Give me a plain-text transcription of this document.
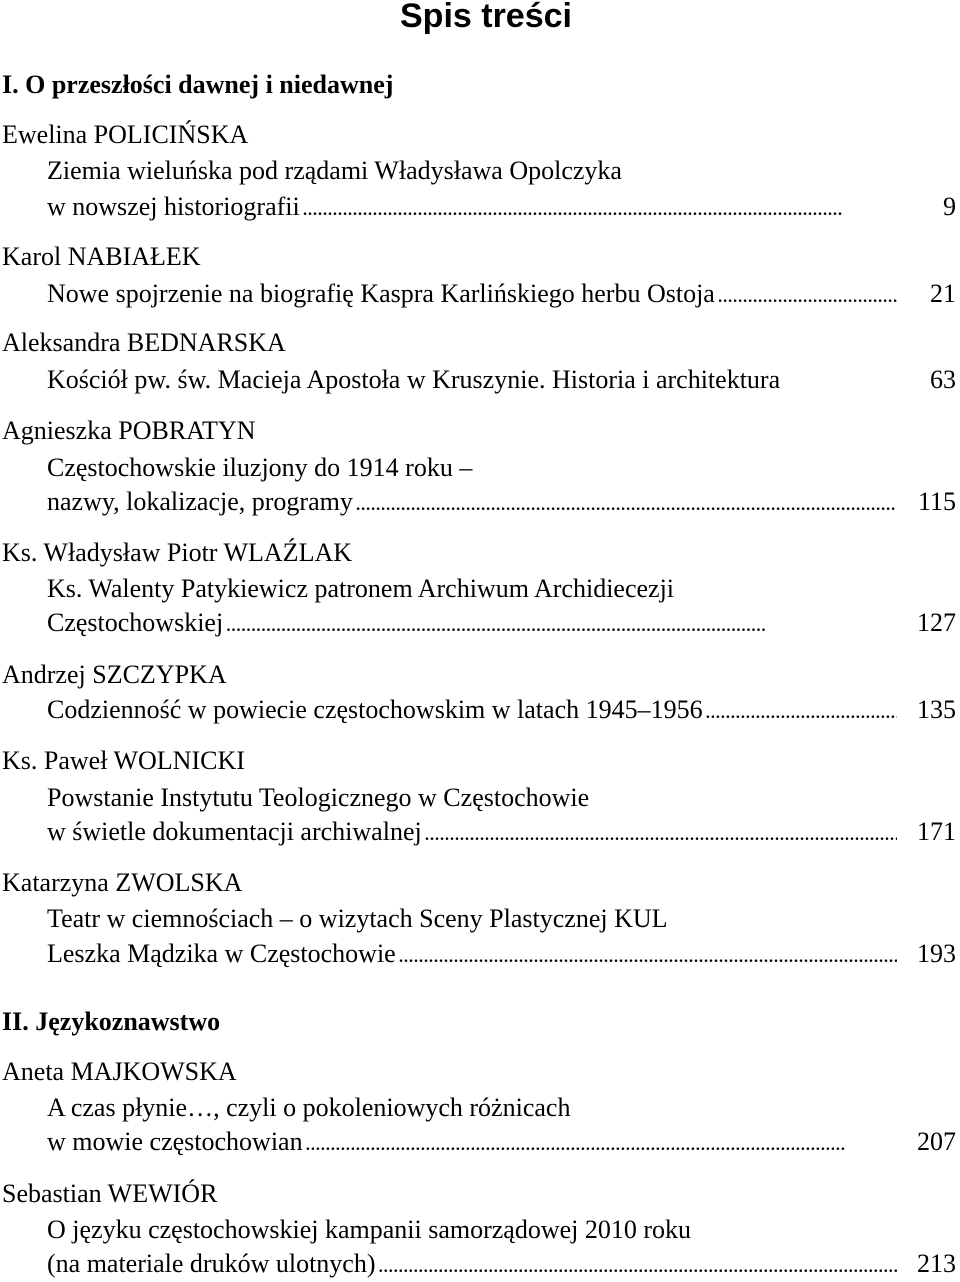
Spis treści
I. O przeszłości dawnej i niedawnej
Ewelina POLICIŃSKA
Ziemia wieluńska pod rządami Władysława Opolczyka
w nowszej historiografii . . .	9
Karol NABIAŁEK
Nowe spojrzenie na biografię Kaspra Karlińskiego herbu Ostoja . . .	21
Aleksandra BEDNARSKA
Kościół pw. św. Macieja Apostoła w Kruszynie. Historia i architektura	63
Agnieszka POBRATYN
Częstochowskie iluzjony do 1914 roku –
nazwy, lokalizacje, programy . . .	115
Ks. Władysław Piotr WLAŹLAK
Ks. Walenty Patykiewicz patronem Archiwum Archidiecezji
Częstochowskiej . . .	127
Andrzej SZCZYPKA
Codzienność w powiecie częstochowskim w latach 1945–1956 . . .	135
Ks. Paweł WOLNICKI
Powstanie Instytutu Teologicznego w Częstochowie
w świetle dokumentacji archiwalnej . . .	171
Katarzyna ZWOLSKA
Teatr w ciemnościach – o wizytach Sceny Plastycznej KUL
Leszka Mądzika w Częstochowie . . .	193
II. Językoznawstwo
Aneta MAJKOWSKA
A czas płynie…, czyli o pokoleniowych różnicach
w mowie częstochowian . . .	207
Sebastian WEWIÓR
O języku częstochowskiej kampanii samorządowej 2010 roku
(na materiale druków ulotnych) . . .	213
